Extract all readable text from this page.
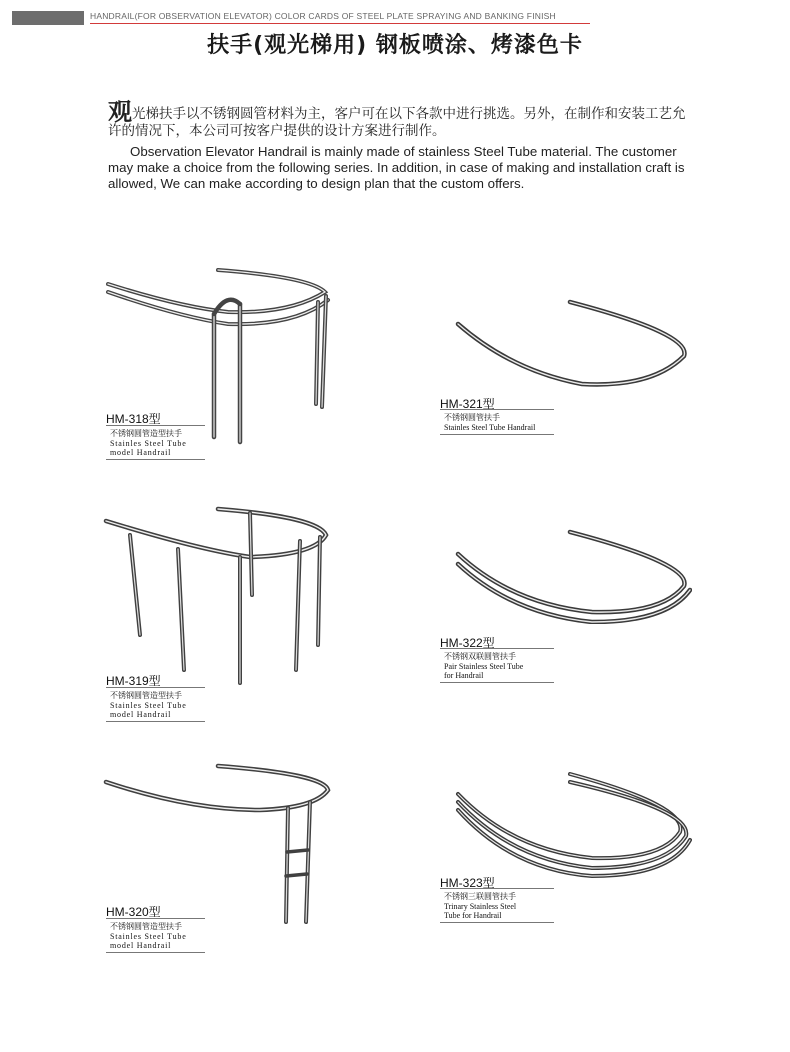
HANDRAIL(FOR OBSERVATION ELEVATOR) COLOR CARDS OF STEEL PLATE SPRAYING AND BANKING FINISH
扶手(观光梯用) 钢板喷涂、烤漆色卡
观光梯扶手以不锈钢圆管材料为主，客户可在以下各款中进行挑选。另外，在制作和安装工艺允许的情况下，本公司可按客户提供的设计方案进行制作。
Observation Elevator Handrail is mainly made of stainless Steel Tube material. The customer may make a choice from the following series. In addition, in case of making and installation craft is allowed, We can make according to design plan that the custom offers.
HM-318型
不锈钢圆管造型扶手
Stainles Steel Tube
model Handrail
HM-321型
不锈钢圆管扶手
Stainles Steel Tube Handrail
HM-319型
不锈钢圆管造型扶手
Stainles Steel Tube
model Handrail
HM-322型
不锈钢双联圆管扶手
Pair Stainless Steel Tube
for Handrail
HM-320型
不锈钢圆管造型扶手
Stainles Steel Tube
model Handrail
HM-323型
不锈钢三联圆管扶手
Trinary Stainless Steel
Tube for Handrail
